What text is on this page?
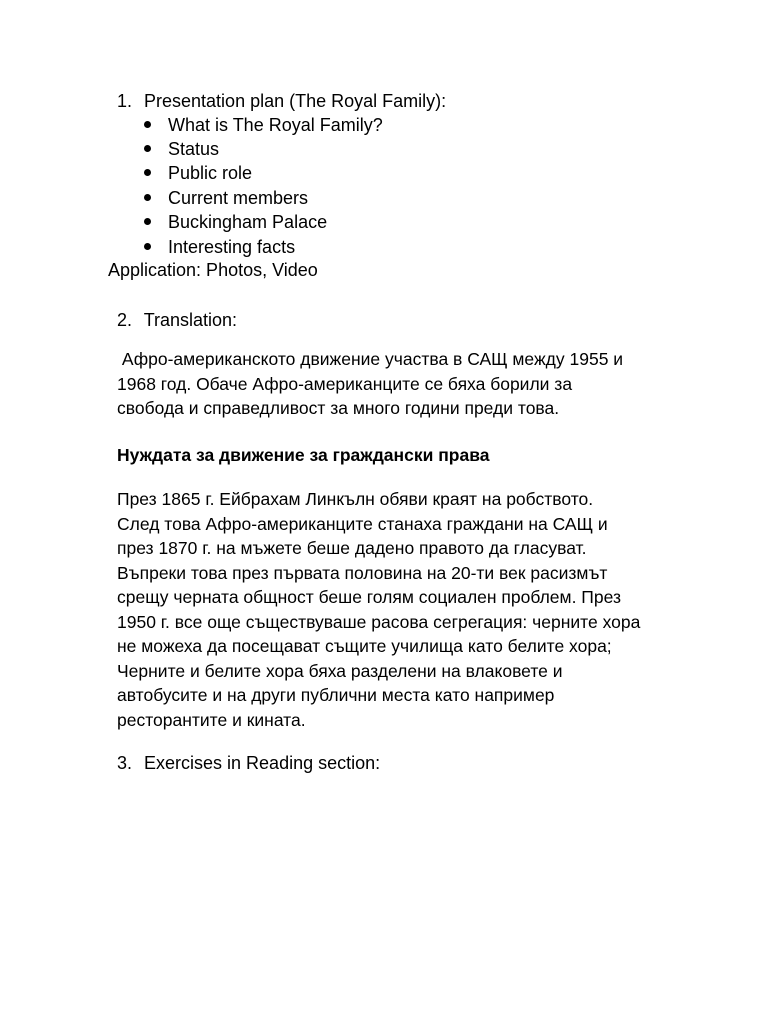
1. Presentation plan (The Royal Family):
What is The Royal Family?
Status
Public role
Current members
Buckingham Palace
Interesting facts
Application: Photos, Video
2. Translation:
Афро-американското движение участва в САЩ между 1955 и
1968 год. Обаче Афро-американците се бяха борили за
свобода и справедливост за много години преди това.
Нуждата за движение за граждански права
През 1865 г. Ейбрахам Линкълн обяви краят на робството.
След това Афро-американците станаха граждани на САЩ и
през 1870 г. на мъжете беше дадено правото да гласуват.
Въпреки това през първата половина на 20-ти век расизмът
срещу черната общност беше голям социален проблем. През
1950 г. все още съществуваше расова сегрегация: черните хора
не можеха да посещават същите училища като белите хора;
Черните и белите хора бяха разделени на влаковете и
автобусите и на други публични места като например
ресторантите и кината.
3. Exercises in Reading section:
